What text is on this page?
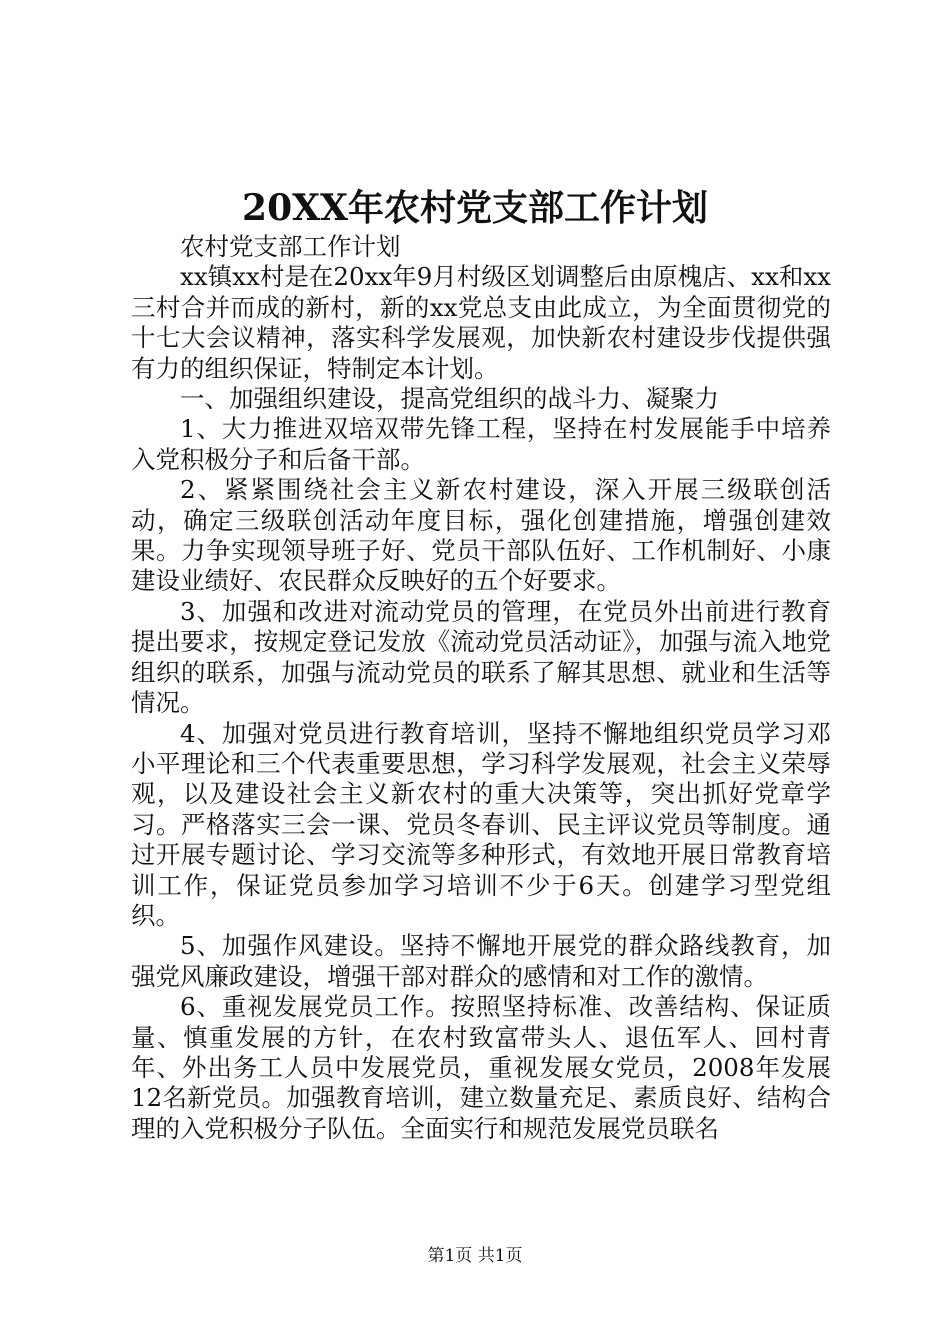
20XX年农村党支部工作计划

农村党支部工作计划

xx镇xx村是在20xx年9月村级区划调整后由原槐店、xx和xx三村合并而成的新村，新的xx党总支由此成立，为全面贯彻党的十七大会议精神，落实科学发展观，加快新农村建设步伐提供强有力的组织保证，特制定本计划。

一、加强组织建设，提高党组织的战斗力、凝聚力

1、大力推进双培双带先锋工程，坚持在村发展能手中培养入党积极分子和后备干部。

2、紧紧围绕社会主义新农村建设，深入开展三级联创活动，确定三级联创活动年度目标，强化创建措施，增强创建效果。力争实现领导班子好、党员干部队伍好、工作机制好、小康建设业绩好、农民群众反映好的五个好要求。

3、加强和改进对流动党员的管理，在党员外出前进行教育提出要求，按规定登记发放《流动党员活动证》，加强与流入地党组织的联系，加强与流动党员的联系了解其思想、就业和生活等情况。

4、加强对党员进行教育培训，坚持不懈地组织党员学习邓小平理论和三个代表重要思想，学习科学发展观，社会主义荣辱观，以及建设社会主义新农村的重大决策等，突出抓好党章学习。严格落实三会一课、党员冬春训、民主评议党员等制度。通过开展专题讨论、学习交流等多种形式，有效地开展日常教育培训工作，保证党员参加学习培训不少于6天。创建学习型党组织。

5、加强作风建设。坚持不懈地开展党的群众路线教育，加强党风廉政建设，增强干部对群众的感情和对工作的激情。

6、重视发展党员工作。按照坚持标准、改善结构、保证质量、慎重发展的方针，在农村致富带头人、退伍军人、回村青年、外出务工人员中发展党员，重视发展女党员，2008年发展12名新党员。加强教育培训，建立数量充足、素质良好、结构合理的入党积极分子队伍。全面实行和规范发展党员联名

第1页 共1页
